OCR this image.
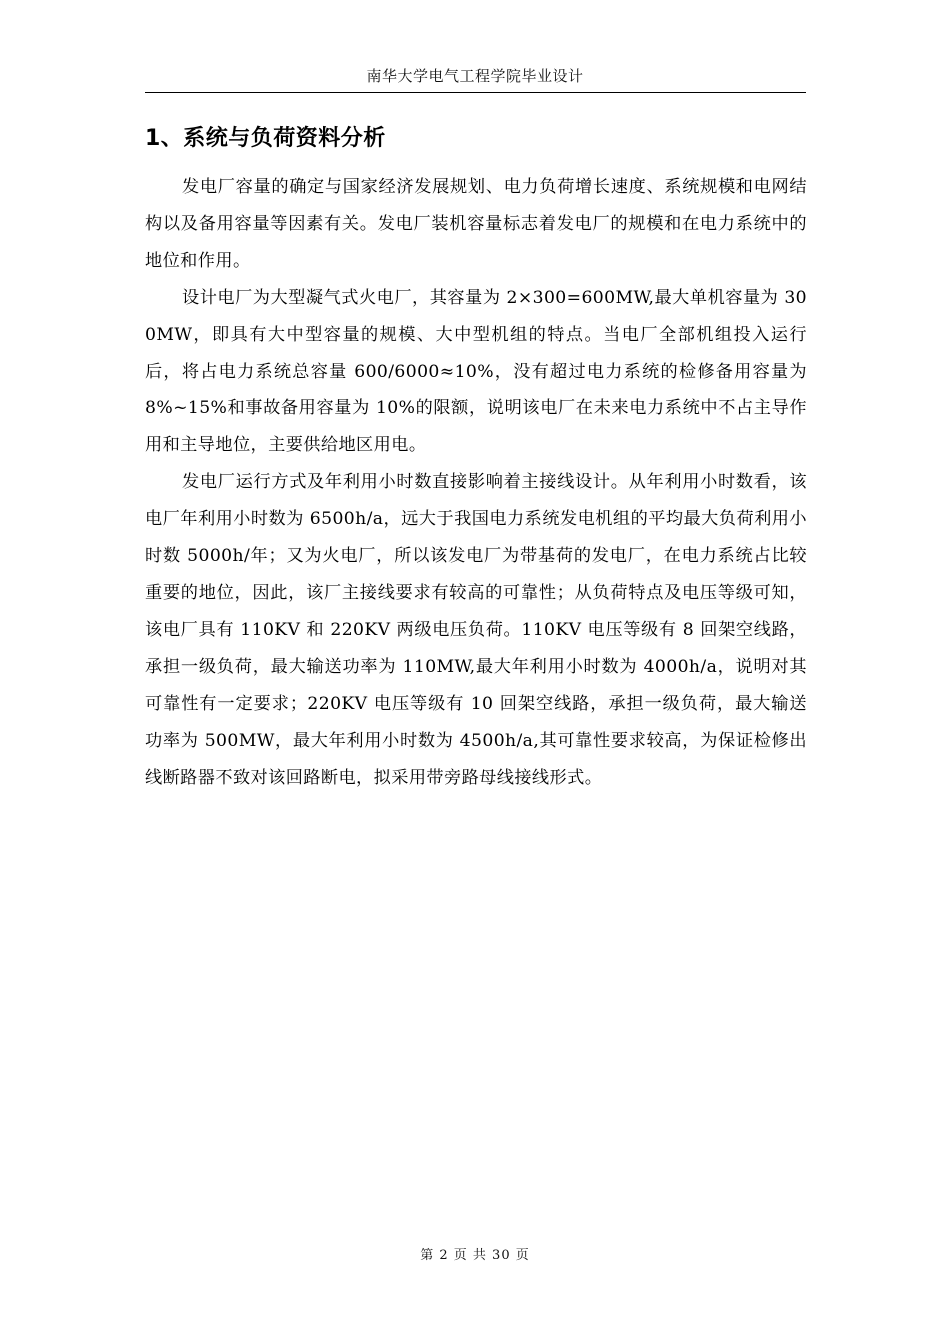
南华大学电气工程学院毕业设计
1、系统与负荷资料分析

发电厂容量的确定与国家经济发展规划、电力负荷增长速度、系统规模和电网结构以及备用容量等因素有关。发电厂装机容量标志着发电厂的规模和在电力系统中的地位和作用。

设计电厂为大型凝气式火电厂，其容量为 2×300=600MW,最大单机容量为 300MW，即具有大中型容量的规模、大中型机组的特点。当电厂全部机组投入运行后，将占电力系统总容量 600/6000≈10%，没有超过电力系统的检修备用容量为 8%~15%和事故备用容量为 10%的限额，说明该电厂在未来电力系统中不占主导作用和主导地位，主要供给地区用电。

发电厂运行方式及年利用小时数直接影响着主接线设计。从年利用小时数看，该电厂年利用小时数为 6500h/a，远大于我国电力系统发电机组的平均最大负荷利用小时数 5000h/年；又为火电厂，所以该发电厂为带基荷的发电厂，在电力系统占比较重要的地位，因此，该厂主接线要求有较高的可靠性；从负荷特点及电压等级可知，该电厂具有 110KV 和 220KV 两级电压负荷。110KV 电压等级有 8 回架空线路，承担一级负荷，最大输送功率为 110MW,最大年利用小时数为 4000h/a，说明对其可靠性有一定要求；220KV 电压等级有 10 回架空线路，承担一级负荷，最大输送功率为 500MW，最大年利用小时数为 4500h/a,其可靠性要求较高，为保证检修出线断路器不致对该回路断电，拟采用带旁路母线接线形式。

第 2 页 共 30 页
